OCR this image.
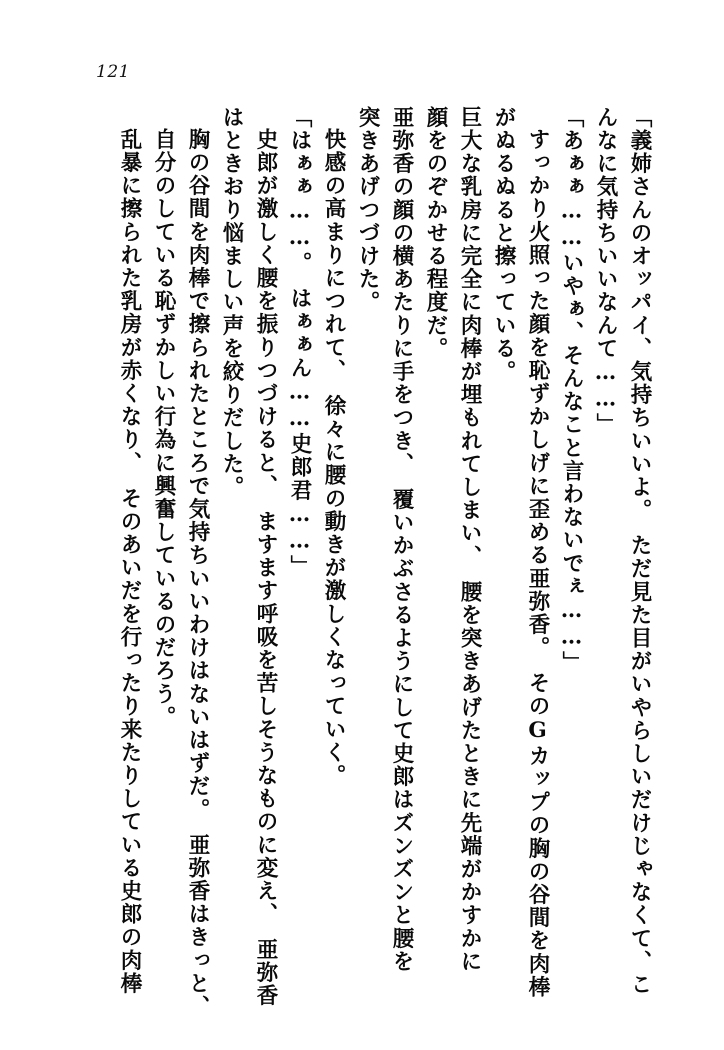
121
「義姉さんのオッパイ、気持ちいいよ。　ただ見た目がいやらしいだけじゃなくて、こ
んなに気持ちいいなんて……」
「あぁぁ……いやぁ、そんなこと言わないでぇ……」
すっかり火照った顔を恥ずかしげに歪める亜弥香。　そのGカップの胸の谷間を肉棒
がぬるぬると擦っている。
巨大な乳房に完全に肉棒が埋もれてしまい、　腰を突きあげたときに先端がかすかに
顔をのぞかせる程度だ。
亜弥香の顔の横あたりに手をつき、　覆いかぶさるようにして史郎はズンズンと腰を
突きあげつづけた。
快感の高まりにつれて、　徐々に腰の動きが激しくなっていく。
「はぁぁ……。　はぁぁん……史郎君……」
史郎が激しく腰を振りつづけると、　ますます呼吸を苦しそうなものに変え、　亜弥香
はときおり悩ましい声を絞りだした。
胸の谷間を肉棒で擦られたところで気持ちいいわけはないはずだ。　亜弥香はきっと、
自分のしている恥ずかしい行為に興奮しているのだろう。
乱暴に擦られた乳房が赤くなり、　そのあいだを行ったり来たりしている史郎の肉棒
